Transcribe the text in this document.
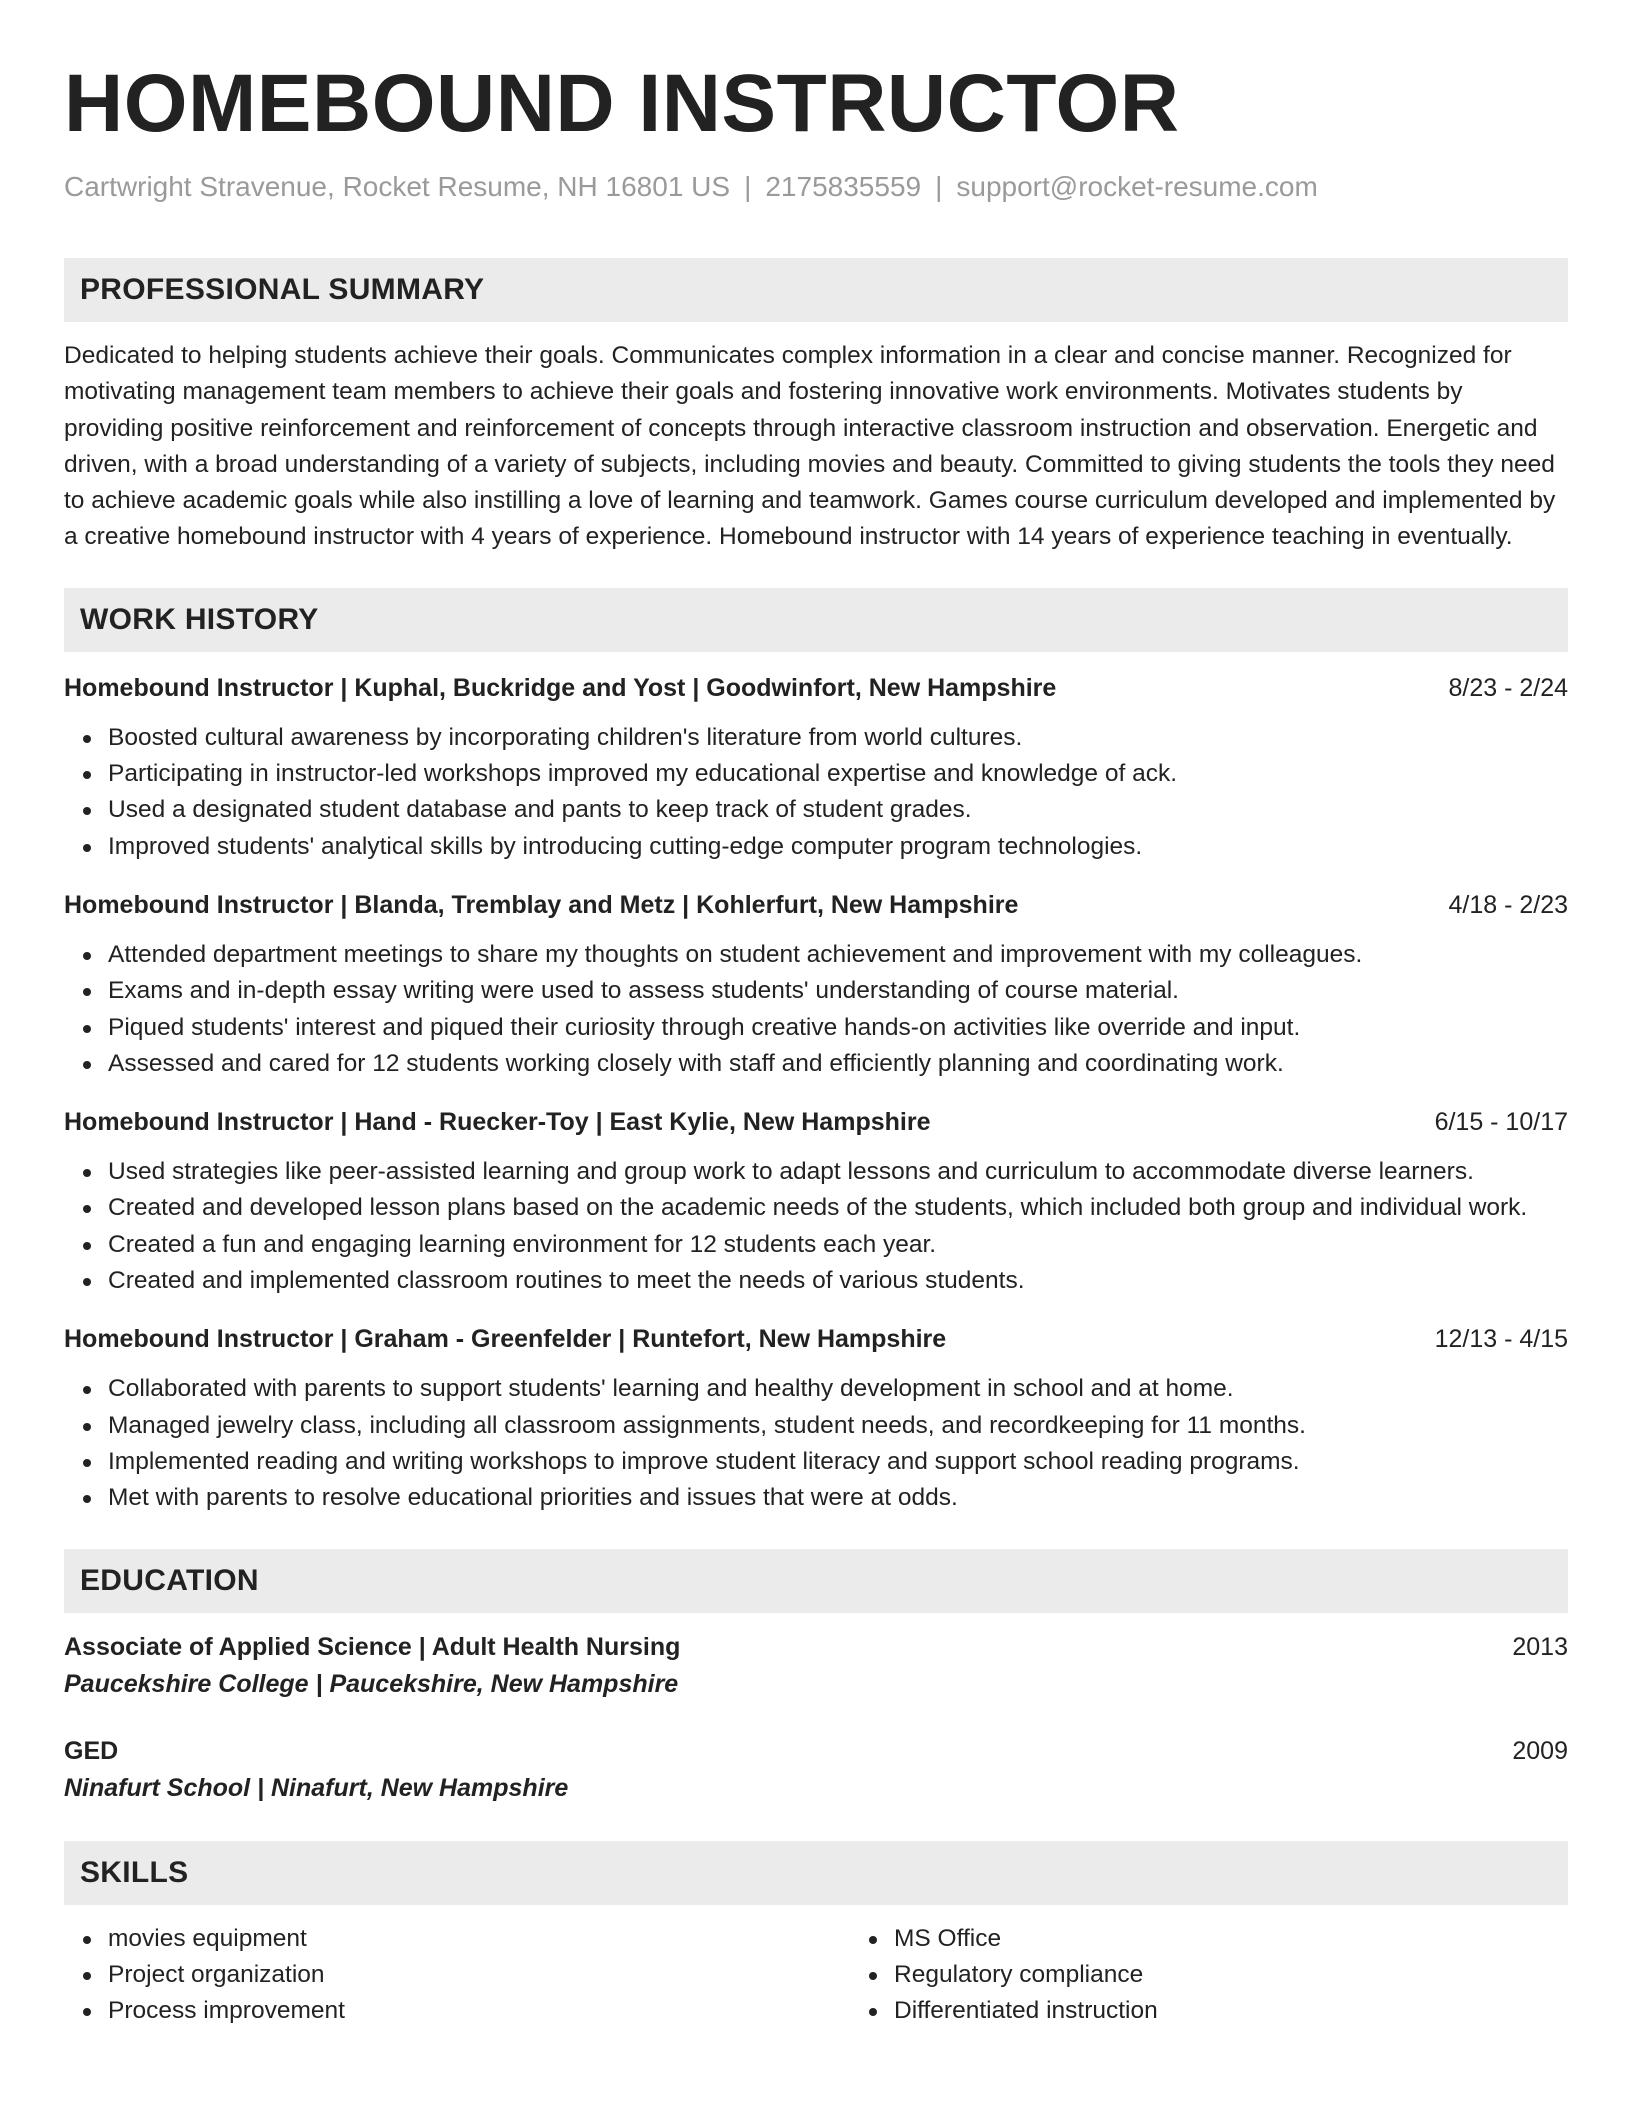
HOMEBOUND INSTRUCTOR
Cartwright Stravenue, Rocket Resume, NH 16801 US | 2175835559 | support@rocket-resume.com
PROFESSIONAL SUMMARY
Dedicated to helping students achieve their goals. Communicates complex information in a clear and concise manner. Recognized for motivating management team members to achieve their goals and fostering innovative work environments. Motivates students by providing positive reinforcement and reinforcement of concepts through interactive classroom instruction and observation. Energetic and driven, with a broad understanding of a variety of subjects, including movies and beauty. Committed to giving students the tools they need to achieve academic goals while also instilling a love of learning and teamwork. Games course curriculum developed and implemented by a creative homebound instructor with 4 years of experience. Homebound instructor with 14 years of experience teaching in eventually.
WORK HISTORY
Homebound Instructor | Kuphal, Buckridge and Yost | Goodwinfort, New Hampshire	8/23 - 2/24
Boosted cultural awareness by incorporating children's literature from world cultures.
Participating in instructor-led workshops improved my educational expertise and knowledge of ack.
Used a designated student database and pants to keep track of student grades.
Improved students' analytical skills by introducing cutting-edge computer program technologies.
Homebound Instructor | Blanda, Tremblay and Metz | Kohlerfurt, New Hampshire	4/18 - 2/23
Attended department meetings to share my thoughts on student achievement and improvement with my colleagues.
Exams and in-depth essay writing were used to assess students' understanding of course material.
Piqued students' interest and piqued their curiosity through creative hands-on activities like override and input.
Assessed and cared for 12 students working closely with staff and efficiently planning and coordinating work.
Homebound Instructor | Hand - Ruecker-Toy | East Kylie, New Hampshire	6/15 - 10/17
Used strategies like peer-assisted learning and group work to adapt lessons and curriculum to accommodate diverse learners.
Created and developed lesson plans based on the academic needs of the students, which included both group and individual work.
Created a fun and engaging learning environment for 12 students each year.
Created and implemented classroom routines to meet the needs of various students.
Homebound Instructor | Graham - Greenfelder | Runtefort, New Hampshire	12/13 - 4/15
Collaborated with parents to support students' learning and healthy development in school and at home.
Managed jewelry class, including all classroom assignments, student needs, and recordkeeping for 11 months.
Implemented reading and writing workshops to improve student literacy and support school reading programs.
Met with parents to resolve educational priorities and issues that were at odds.
EDUCATION
Associate of Applied Science | Adult Health Nursing	2013
Paucekshire College | Paucekshire, New Hampshire
GED	2009
Ninafurt School | Ninafurt, New Hampshire
SKILLS
movies equipment
Project organization
Process improvement
MS Office
Regulatory compliance
Differentiated instruction
